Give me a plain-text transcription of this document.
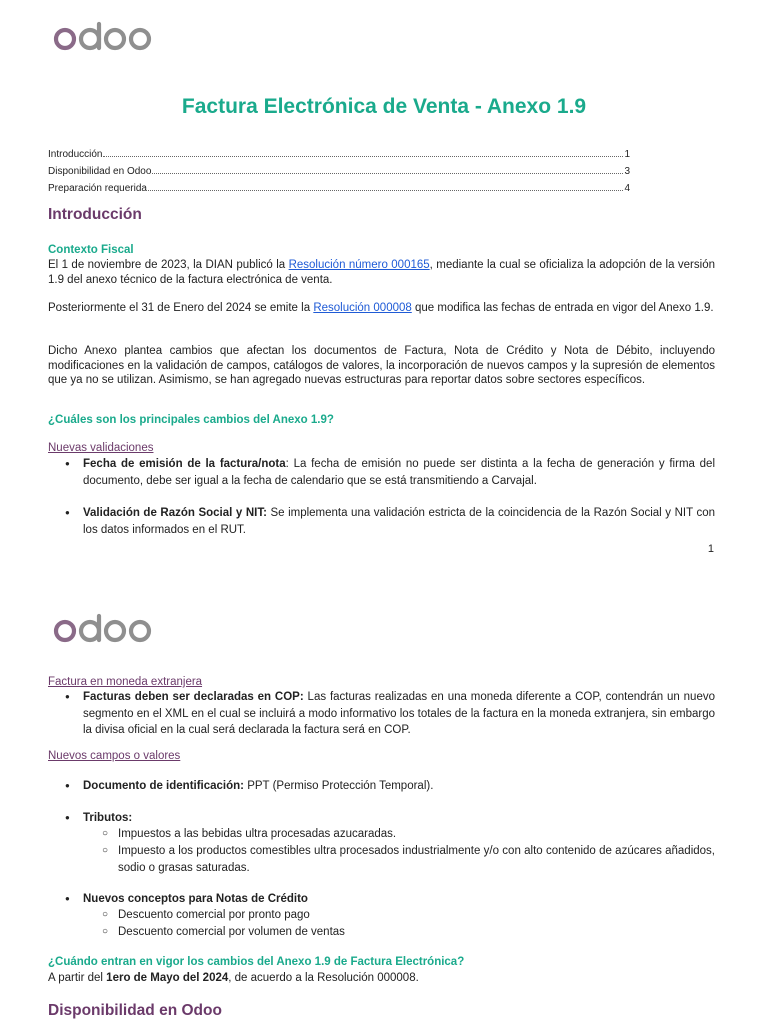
Factura Electrónica de Venta - Anexo 1.9
Introducción	1
Disponibilidad en Odoo	3
Preparación requerida	4
Introducción
Contexto Fiscal

El 1 de noviembre de 2023, la DIAN publicó la Resolución número 000165, mediante la cual se oficializa la adopción de la versión 1.9 del anexo técnico de la factura electrónica de venta.

Posteriormente el 31 de Enero del 2024 se emite la Resolución 000008 que modifica las fechas de entrada en vigor del Anexo 1.9.

Dicho Anexo plantea cambios que afectan los documentos de Factura, Nota de Crédito y Nota de Débito, incluyendo modificaciones en la validación de campos, catálogos de valores, la incorporación de nuevos campos y la supresión de elementos que ya no se utilizan. Asimismo, se han agregado nuevas estructuras para reportar datos sobre sectores específicos.

¿Cuáles son los principales cambios del Anexo 1.9?
Nuevas validaciones
● Fecha de emisión de la factura/nota: La fecha de emisión no puede ser distinta a la fecha de generación y firma del documento, debe ser igual a la fecha de calendario que se está transmitiendo a Carvajal.
● Validación de Razón Social y NIT: Se implementa una validación estricta de la coincidencia de la Razón Social y NIT con los datos informados en el RUT.
1
Factura en moneda extranjera
● Facturas deben ser declaradas en COP: Las facturas realizadas en una moneda diferente a COP, contendrán un nuevo segmento en el XML en el cual se incluirá a modo informativo los totales de la factura en la moneda extranjera, sin embargo la divisa oficial en la cual será declarada la factura será en COP.
Nuevos campos o valores
● Documento de identificación: PPT (Permiso Protección Temporal).
● Tributos:
○ Impuestos a las bebidas ultra procesadas azucaradas.
○ Impuesto a los productos comestibles ultra procesados industrialmente y/o con alto contenido de azúcares añadidos, sodio o grasas saturadas.
● Nuevos conceptos para Notas de Crédito
○ Descuento comercial por pronto pago
○ Descuento comercial por volumen de ventas
¿Cuándo entran en vigor los cambios del Anexo 1.9 de Factura Electrónica?

A partir del 1ero de Mayo del 2024, de acuerdo a la Resolución 000008.

Disponibilidad en Odoo
